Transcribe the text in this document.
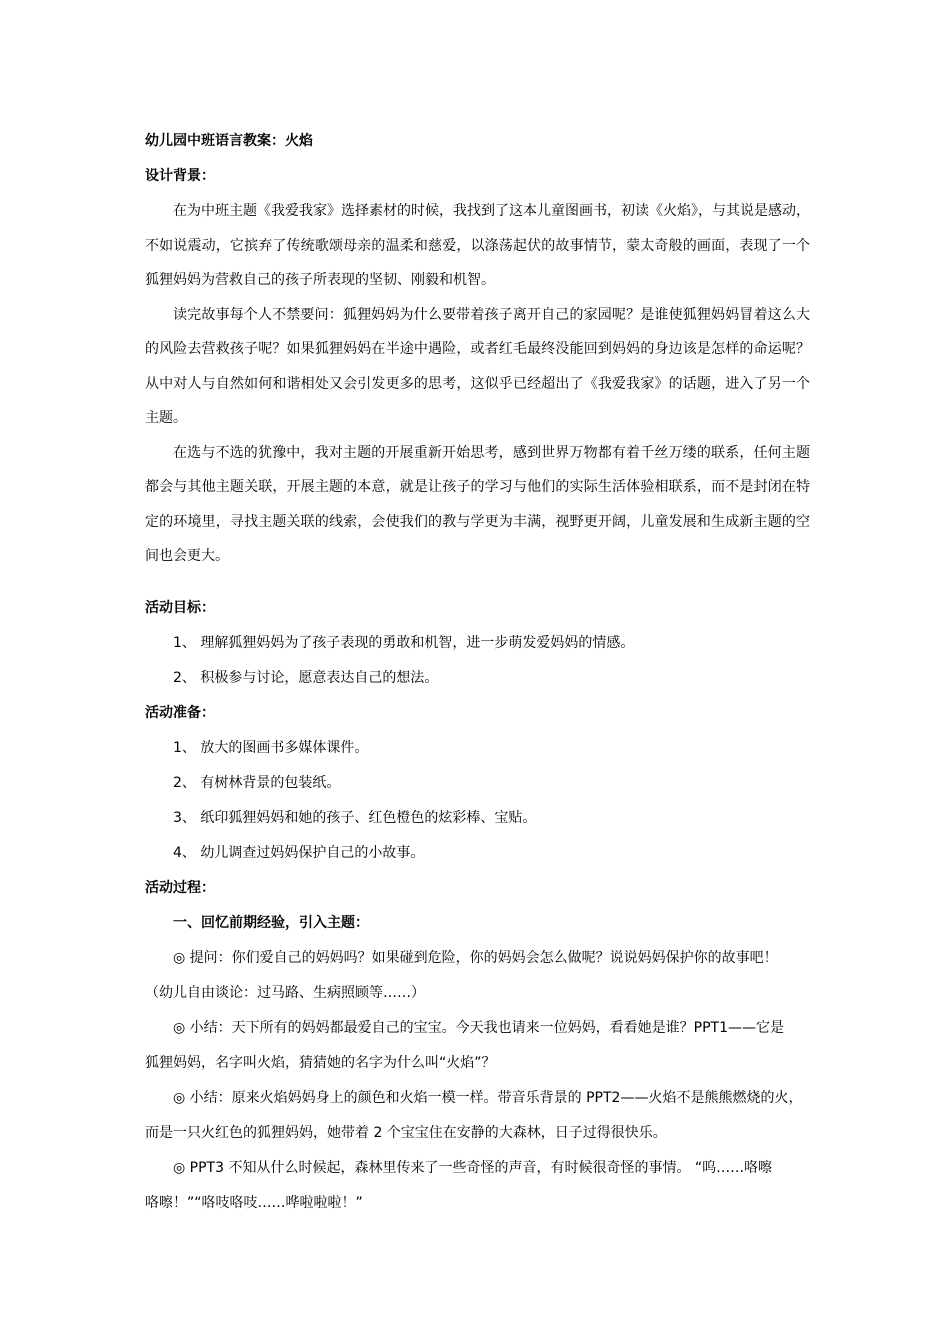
幼儿园中班语言教案：火焰
设计背景：

在为中班主题《我爱我家》选择素材的时候，我找到了这本儿童图画书，初读《火焰》，与其说是感动，不如说震动，它摈弃了传统歌颂母亲的温柔和慈爱，以涤荡起伏的故事情节，蒙太奇般的画面，表现了一个狐狸妈妈为营救自己的孩子所表现的坚韧、刚毅和机智。

读完故事每个人不禁要问：狐狸妈妈为什么要带着孩子离开自己的家园呢？是谁使狐狸妈妈冒着这么大的风险去营救孩子呢？如果狐狸妈妈在半途中遇险，或者红毛最终没能回到妈妈的身边该是怎样的命运呢？从中对人与自然如何和谐相处又会引发更多的思考，这似乎已经超出了《我爱我家》的话题，进入了另一个主题。

在选与不选的犹豫中，我对主题的开展重新开始思考，感到世界万物都有着千丝万缕的联系，任何主题都会与其他主题关联，开展主题的本意，就是让孩子的学习与他们的实际生活体验相联系，而不是封闭在特定的环境里，寻找主题关联的线索，会使我们的教与学更为丰满，视野更开阔，儿童发展和生成新主题的空间也会更大。

活动目标：
1、 理解狐狸妈妈为了孩子表现的勇敢和机智，进一步萌发爱妈妈的情感。
2、 积极参与讨论，愿意表达自己的想法。
活动准备：
1、 放大的图画书多媒体课件。
2、 有树林背景的包装纸。
3、 纸印狐狸妈妈和她的孩子、红色橙色的炫彩棒、宝贴。
4、 幼儿调查过妈妈保护自己的小故事。
活动过程：
一、回忆前期经验，引入主题：
◎ 提问：你们爱自己的妈妈吗？如果碰到危险，你的妈妈会怎么做呢？说说妈妈保护你的故事吧！
（幼儿自由谈论：过马路、生病照顾等……）
◎ 小结：天下所有的妈妈都最爱自己的宝宝。今天我也请来一位妈妈，看看她是谁？PPT1——它是
狐狸妈妈，名字叫火焰，猜猜她的名字为什么叫“火焰”？
◎ 小结：原来火焰妈妈身上的颜色和火焰一模一样。带音乐背景的 PPT2——火焰不是熊熊燃烧的火，
而是一只火红色的狐狸妈妈，她带着 2 个宝宝住在安静的大森林，日子过得很快乐。
◎ PPT3 不知从什么时候起，森林里传来了一些奇怪的声音，有时候很奇怪的事情。 “呜……咯嚓
咯嚓！”“咯吱咯吱……哗啦啦啦！”
